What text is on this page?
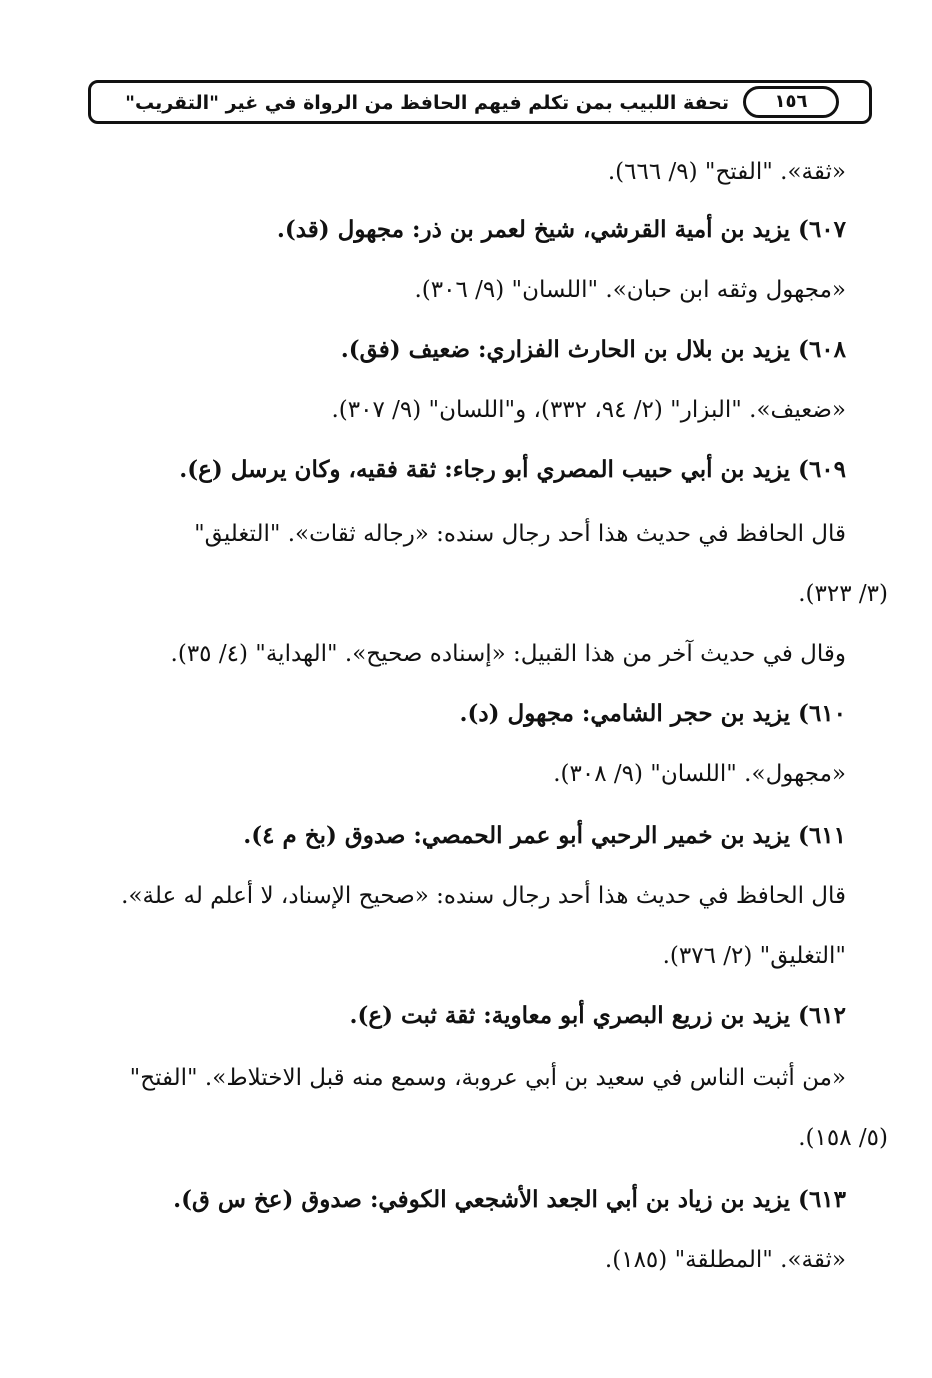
١٥٦
تحفة اللبيب بمن تكلم فيهم الحافظ من الرواة في غير "التقريب"
«ثقة». "الفتح" (٩/ ٦٦٦).
٦٠٧) يزيد بن أمية القرشي، شيخ لعمر بن ذر: مجهول (قد).
«مجهول وثقه ابن حبان». "اللسان" (٩/ ٣٠٦).
٦٠٨) يزيد بن بلال بن الحارث الفزاري: ضعيف (فق).
«ضعيف». "البزار" (٢/ ٩٤، ٣٣٢)، و"اللسان" (٩/ ٣٠٧).
٦٠٩) يزيد بن أبي حبيب المصري أبو رجاء: ثقة فقيه، وكان يرسل (ع).
قال الحافظ في حديث هذا أحد رجال سنده: «رجاله ثقات». "التغليق"
(٣/ ٣٢٣).
وقال في حديث آخر من هذا القبيل: «إسناده صحيح». "الهداية" (٤/ ٣٥).
٦١٠) يزيد بن حجر الشامي: مجهول (د).
«مجهول». "اللسان" (٩/ ٣٠٨).
٦١١) يزيد بن خمير الرحبي أبو عمر الحمصي: صدوق (بخ م ٤).
قال الحافظ في حديث هذا أحد رجال سنده: «صحيح الإسناد، لا أعلم له علة».
"التغليق" (٢/ ٣٧٦).
٦١٢) يزيد بن زريع البصري أبو معاوية: ثقة ثبت (ع).
«من أثبت الناس في سعيد بن أبي عروبة، وسمع منه قبل الاختلاط». "الفتح"
(٥/ ١٥٨).
٦١٣) يزيد بن زياد بن أبي الجعد الأشجعي الكوفي: صدوق (عخ س ق).
«ثقة». "المطلقة" (١٨٥).
